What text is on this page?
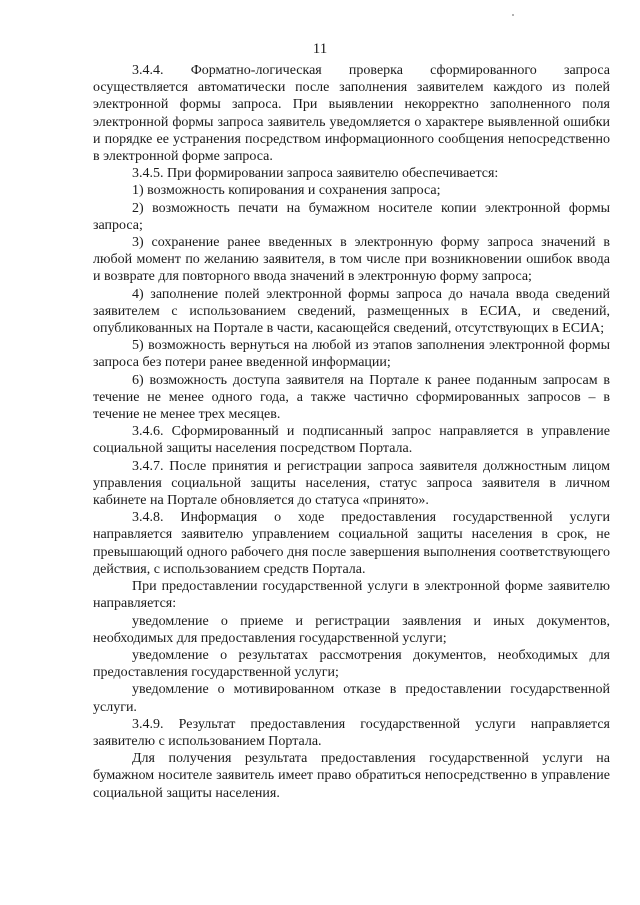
11

3.4.4. Форматно-логическая проверка сформированного запроса осуществляется автоматически после заполнения заявителем каждого из полей электронной формы запроса. При выявлении некорректно заполненного поля электронной формы запроса заявитель уведомляется о характере выявленной ошибки и порядке ее устранения посредством информационного сообщения непосредственно в электронной форме запроса.

3.4.5. При формировании запроса заявителю обеспечивается:

1) возможность копирования и сохранения запроса;

2) возможность печати на бумажном носителе копии электронной формы запроса;

3) сохранение ранее введенных в электронную форму запроса значений в любой момент по желанию заявителя, в том числе при возникновении ошибок ввода и возврате для повторного ввода значений в электронную форму запроса;

4) заполнение полей электронной формы запроса до начала ввода сведений заявителем с использованием сведений, размещенных в ЕСИА, и сведений, опубликованных на Портале в части, касающейся сведений, отсутствующих в ЕСИА;

5) возможность вернуться на любой из этапов заполнения электронной формы запроса без потери ранее введенной информации;

6) возможность доступа заявителя на Портале к ранее поданным запросам в течение не менее одного года, а также частично сформированных запросов – в течение не менее трех месяцев.

3.4.6. Сформированный и подписанный запрос направляется в управление социальной защиты населения посредством Портала.

3.4.7. После принятия и регистрации запроса заявителя должностным лицом управления социальной защиты населения, статус запроса заявителя в личном кабинете на Портале обновляется до статуса «принято».

3.4.8. Информация о ходе предоставления государственной услуги направляется заявителю управлением социальной защиты населения в срок, не превышающий одного рабочего дня после завершения выполнения соответствующего действия, с использованием средств Портала.

При предоставлении государственной услуги в электронной форме заявителю направляется:

уведомление о приеме и регистрации заявления и иных документов, необходимых для предоставления государственной услуги;

уведомление о результатах рассмотрения документов, необходимых для предоставления государственной услуги;

уведомление о мотивированном отказе в предоставлении государственной услуги.

3.4.9. Результат предоставления государственной услуги направляется заявителю с использованием Портала.

Для получения результата предоставления государственной услуги на бумажном носителе заявитель имеет право обратиться непосредственно в управление социальной защиты населения.
